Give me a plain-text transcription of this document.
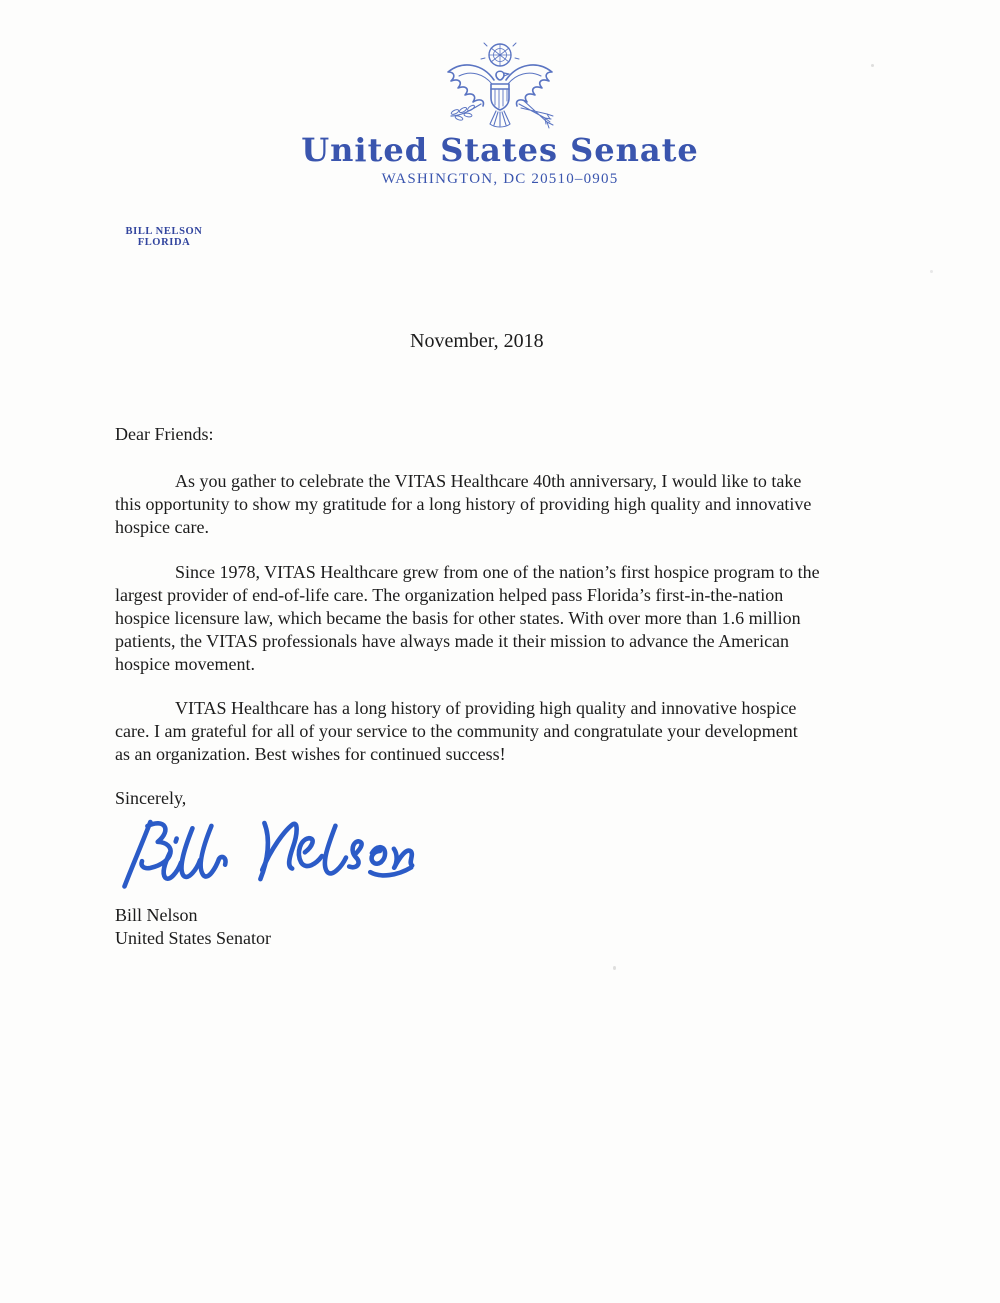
United States Senate
WASHINGTON, DC 20510–0905
BILL NELSON
FLORIDA
November, 2018
Dear Friends:
As you gather to celebrate the VITAS Healthcare 40th anniversary, I would like to take
this opportunity to show my gratitude for a long history of providing high quality and innovative
hospice care.
Since 1978, VITAS Healthcare grew from one of the nation’s first hospice program to the
largest provider of end-of-life care. The organization helped pass Florida’s first-in-the-nation
hospice licensure law, which became the basis for other states. With over more than 1.6 million
patients, the VITAS professionals have always made it their mission to advance the American
hospice movement.
VITAS Healthcare has a long history of providing high quality and innovative hospice
care. I am grateful for all of your service to the community and congratulate your development
as an organization. Best wishes for continued success!
Sincerely,
Bill Nelson
United States Senator
